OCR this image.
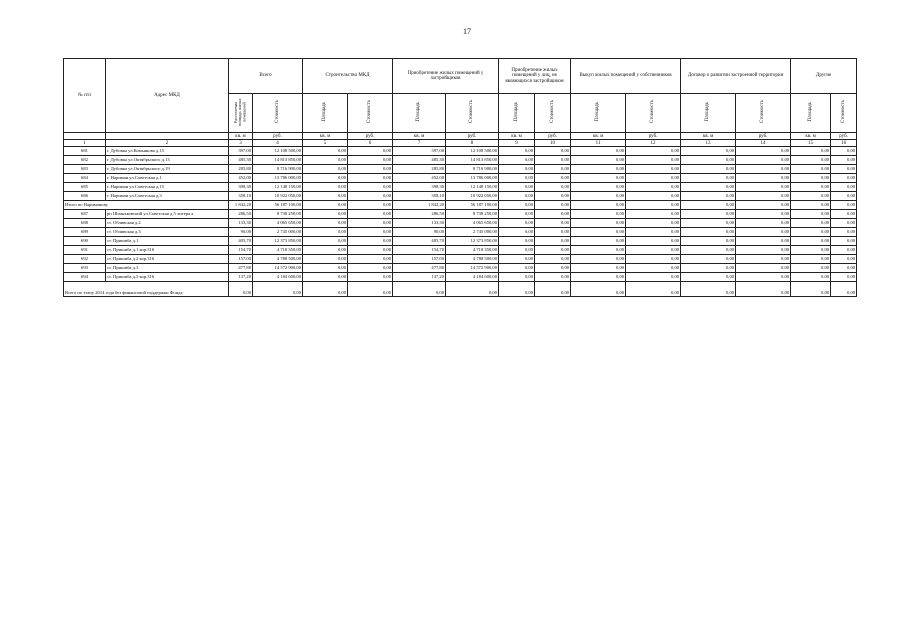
17
№ п/п	Адрес МКД	Всего		Строительство МКД		Приобретение жилых помещений у застройщиков		Приобретение жилых помещений у лиц, не являющихся застройщиком		Выкуп жилых помещений у собственников		Договор о развитии застроенной территории		Другие	
		Расселяемая площадь жилых помещений	Стоимость	Площадь	Стоимость	Площадь	Стоимость	Площадь	Стоимость	Площадь	Стоимость	Площадь	Стоимость	Площадь	Стоимость
		кв. м	руб.	кв. м	руб.	кв. м	руб.	кв. м	руб.	кв. м	руб.	кв. м	руб.	кв. м	руб.
1	2	3	4	5	6	7	8	9	10	11	12	13	14	15	16
681	г. Дубовка ул.Комьянова д.15	397,00	12 108 500,00	0,00	0,00	397,00	12 108 500,00	0,00	0,00	0,00	0,00	0,00	0,00	0,00	0,00
682	г. Дубовка ул.Октябрьского д.13	485,30	14 813 850,00	0,00	0,00	485,30	14 813 850,00	0,00	0,00	0,00	0,00	0,00	0,00	0,00	0,00
683	г. Дубовка ул.Октябрьского д.19	285,80	8 716 900,00	0,00	0,00	285,80	8 716 900,00	0,00	0,00	0,00	0,00	0,00	0,00	0,00	0,00
684	г. Нариман ул.Советская д.1	452,00	13 786 000,00	0,00	0,00	452,00	13 786 000,00	0,00	0,00	0,00	0,00	0,00	0,00	0,00	0,00
685	г. Нариман ул.Советская д.15	398,30	12 148 150,00	0,00	0,00	398,30	12 148 150,00	0,00	0,00	0,00	0,00	0,00	0,00	0,00	0,00
686	г. Нариман ул.Советская д.3	358,10	10 922 050,00	0,00	0,00	358,10	10 922 050,00	0,00	0,00	0,00	0,00	0,00	0,00	0,00	0,00
Итого по Нариманову		1 842,20	56 187 100,00	0,00	0,00	1 842,20	56 187 100,00	0,00	0,00	0,00	0,00	0,00	0,00	0,00	0,00
687	рп Шпаньковский ул.Советская д.5 литера а	286,50	8 738 250,00	0,00	0,00	286,50	8 738 250,00	0,00	0,00	0,00	0,00	0,00	0,00	0,00	0,00
688	ст. Обливская д.2	133,30	4 065 650,00	0,00	0,00	133,30	4 065 650,00	0,00	0,00	0,00	0,00	0,00	0,00	0,00	0,00
689	ст. Обливская д.3	90,00	2 745 000,00	0,00	0,00	90,00	2 745 000,00	0,00	0,00	0,00	0,00	0,00	0,00	0,00	0,00
690	ст. Пришиба д.1	405,70	12 373 850,00	0,00	0,00	405,70	12 373 850,00	0,00	0,00	0,00	0,00	0,00	0,00	0,00	0,00
691	ст. Пришиба д.1 кор.316	154,70	4 718 350,00	0,00	0,00	154,70	4 718 350,00	0,00	0,00	0,00	0,00	0,00	0,00	0,00	0,00
692	ст. Пришиба д.2 кор.316	157,00	4 788 500,00	0,00	0,00	157,00	4 788 500,00	0,00	0,00	0,00	0,00	0,00	0,00	0,00	0,00
693	ст. Пришиба д.3	477,80	14 572 900,00	0,00	0,00	477,80	14 572 900,00	0,00	0,00	0,00	0,00	0,00	0,00	0,00	0,00
694	ст. Пришиба д.5 кор.316	137,20	4 184 600,00	0,00	0,00	137,20	4 184 600,00	0,00	0,00	0,00	0,00	0,00	0,00	0,00	0,00
Всего по этапу 2014 года без финансовой поддержки Фонда		0,00	0,00	0,00	0,00	0,00	0,00	0,00	0,00	0,00	0,00	0,00	0,00	0,00	0,00
